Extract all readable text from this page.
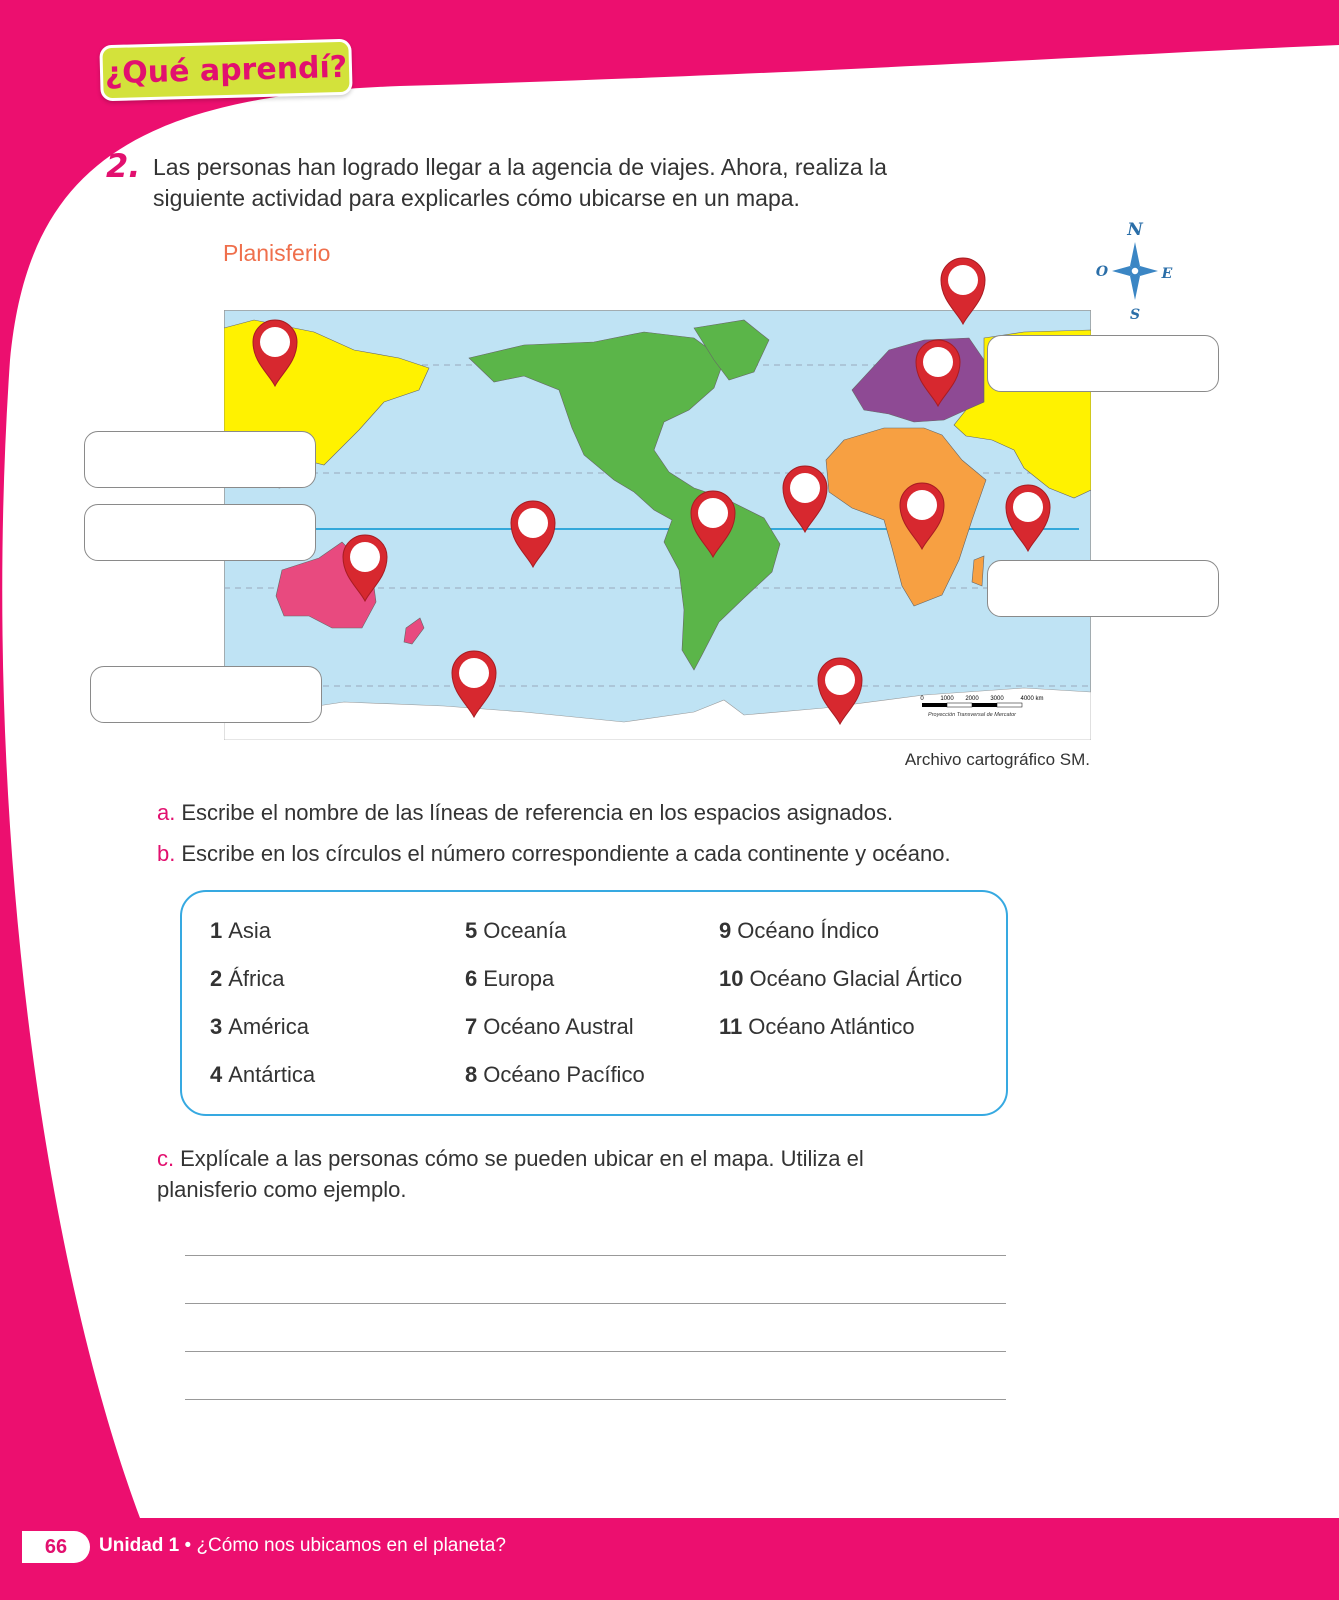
¿Qué aprendí?
2. Las personas han logrado llegar a la agencia de viajes. Ahora, realiza la siguiente actividad para explicarles cómo ubicarse en un mapa.
Planisferio
N
O	E
S
0	1000 2000 3000	4000 km
Proyección Transversal de Mercator
Archivo cartográfico SM.
a. Escribe el nombre de las líneas de referencia en los espacios asignados.
b. Escribe en los círculos el número correspondiente a cada continente y océano.
1 Asia
2 África
3 América
4 Antártica
5 Oceanía
6 Europa
7 Océano Austral
8 Océano Pacífico
9 Océano Índico
10 Océano Glacial Ártico
11 Océano Atlántico
c. Explícale a las personas cómo se pueden ubicar en el mapa. Utiliza el planisferio como ejemplo.
66	Unidad 1 • ¿Cómo nos ubicamos en el planeta?
